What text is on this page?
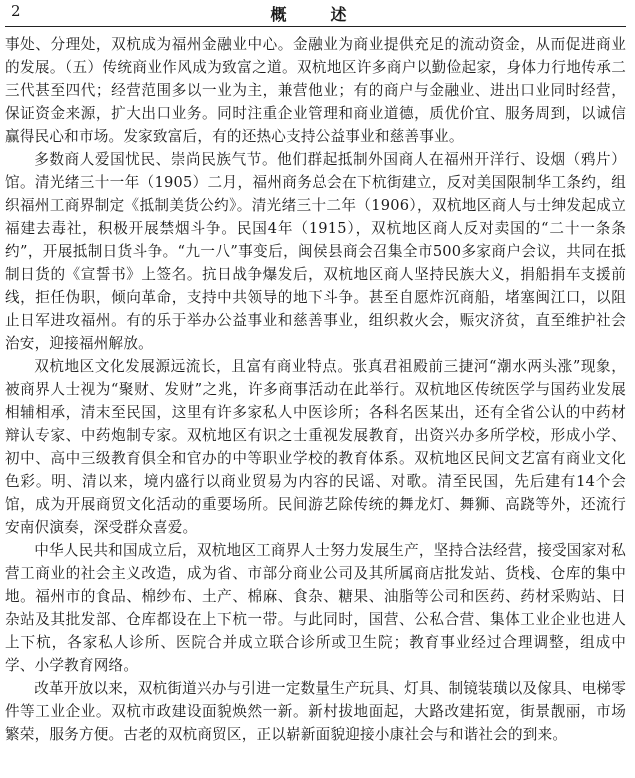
2	概　述

事处、分理处，双杭成为福州金融业中心。金融业为商业提供充足的流动资金，从而促进商业的发展。（五）传统商业作风成为致富之道。双杭地区许多商户以勤俭起家，身体力行地传承二三代甚至四代；经营范围多以一业为主，兼营他业；有的商户与金融业、进出口业同时经营，保证资金来源，扩大出口业务。同时注重企业管理和商业道德，质优价宜、服务周到，以诚信赢得民心和市场。发家致富后，有的还热心支持公益事业和慈善事业。

多数商人爱国忧民、崇尚民族气节。他们群起抵制外国商人在福州开洋行、设烟（鸦片）馆。清光绪三十一年（1905）二月，福州商务总会在下杭街建立，反对美国限制华工条约，组织福州工商界制定《抵制美货公约》。清光绪三十二年（1906），双杭地区商人与士绅发起成立福建去毒社，积极开展禁烟斗争。民国4年（1915），双杭地区商人反对卖国的“二十一条条约”，开展抵制日货斗争。“九一八”事变后，闽侯县商会召集全市500多家商户会议，共同在抵制日货的《宣誓书》上签名。抗日战争爆发后，双杭地区商人坚持民族大义，捐船捐车支援前线，拒任伪职，倾向革命，支持中共领导的地下斗争。甚至自愿炸沉商船，堵塞闽江口，以阻止日军进攻福州。有的乐于举办公益事业和慈善事业，组织救火会，赈灾济贫，直至维护社会治安，迎接福州解放。

双杭地区文化发展源远流长，且富有商业特点。张真君祖殿前三捷河“潮水两头涨”现象，被商界人士视为“聚财、发财”之兆，许多商事活动在此举行。双杭地区传统医学与国药业发展相辅相承，清末至民国，这里有许多家私人中医诊所；各科名医某出，还有全省公认的中药材辩认专家、中药炮制专家。双杭地区有识之士重视发展教育，出资兴办多所学校，形成小学、初中、高中三级教育俱全和官办的中等职业学校的教育体系。双杭地区民间文艺富有商业文化色彩。明、清以来，境内盛行以商业贸易为内容的民谣、对歌。清至民国，先后建有14个会馆，成为开展商贸文化活动的重要场所。民间游艺除传统的舞龙灯、舞狮、高跷等外，还流行安南伬演奏，深受群众喜爱。

中华人民共和国成立后，双杭地区工商界人士努力发展生产，坚持合法经营，接受国家对私营工商业的社会主义改造，成为省、市部分商业公司及其所属商店批发站、货栈、仓库的集中地。福州市的食品、棉纱布、土产、棉麻、食杂、糖果、油脂等公司和医药、药材采购站、日杂站及其批发部、仓库都设在上下杭一带。与此同时，国营、公私合营、集体工业企业也进人上下杭，各家私人诊所、医院合并成立联合诊所或卫生院；教育事业经过合理调整，组成中学、小学教育网络。

改革开放以来，双杭街道兴办与引进一定数量生产玩具、灯具、制镜装璜以及傢具、电梯零件等工业企业。双杭市政建设面貌焕然一新。新村拔地面起，大路改建拓宽，街景靓丽，市场繁荣，服务方便。古老的双杭商贸区，正以崭新面貌迎接小康社会与和谐社会的到来。
